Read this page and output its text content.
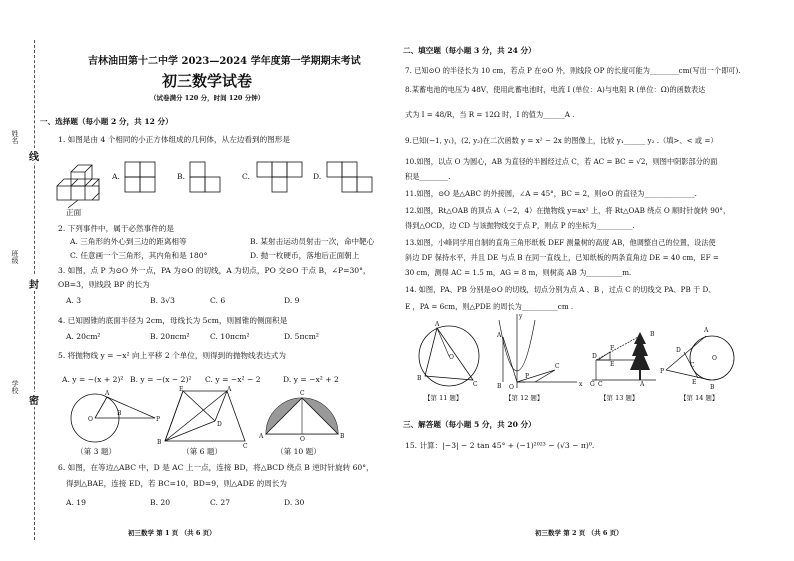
姓名
班级
学校
线
封
密
吉林油田第十二中学 2023—2024 学年度第一学期期末考试
初三数学试卷
（试卷满分 120 分，时间 120 分钟）
一、选择题（每小题 2 分，共 12 分）
1. 如图是由 4 个相同的小正方体组成的几何体，从左边看到的图形是
正面
A.	B.	C.	D.
2. 下列事件中，属于必然事件的是
A. 三角形的外心到三边的距离相等	B. 某射击运动员射击一次，命中靶心
C. 任意画一个三角形，其内角和是 180°	D. 抛一枚硬币，落地后正面朝上
3. 如图，点 P 为⊙O 外一点，PA 为⊙O 的切线，A 为切点，PO 交⊙O 于点 B，∠P=30°，
OB=3，则线段 BP 的长为
A. 3	B. 3√3	C. 6	D. 9
4. 已知圆锥的底面半径为 2cm，母线长为 5cm，则圆锥的侧面积是
A. 20cm²	B. 20πcm²	C. 10πcm²	D. 5πcm²
5. 将抛物线 y = −x² 向上平移 2 个单位，则得到的抛物线表达式为
A. y = −(x + 2)² B. y = −(x − 2)² C. y = −x² − 2	D. y = −x² + 2
O
A
B
P
（第 3 题）
E	A
B
C
D
（第 6 题）
A
C
B
O
（第 10 题）
6. 如图，在等边△ABC 中，D 是 AC 上一点，连接 BD，将△BCD 绕点 B 逆时针旋转 60°，
得到△BAE，连接 ED，若 BC=10，BD=9，则△ADE 的周长为
A. 19	B. 20	C. 27	D. 30
初三数学 第 1 页 （共 6 页）
二、填空题（每小题 3 分，共 24 分）
7. 已知⊙O 的半径长为 10 cm，若点 P 在⊙O 外，则线段 OP 的长度可能为________cm(写出一个即可).
8.某蓄电池的电压为 48V，使用此蓄电池时，电流 I (单位：A)与电阻 R (单位：Ω)的函数表达
式为 I = 48/R，当 R = 12Ω 时，I 的值为______A .
9.已知(−1, y₁)，(2, y₂)在二次函数 y = x² − 2x 的图像上，比较 y₁______ y₂ .（填>、< 或 =）
10.如图，以点 O 为圆心，AB 为直径的半圆经过点 C，若 AC = BC = √2，则图中阴影部分的面
积是________.
11.如图，⊙O 是△ABC 的外接圆，∠A = 45°，BC = 2，则⊙O 的直径为______________.
12.如图，Rt△OAB 的顶点 A（−2，4）在抛物线 y=ax² 上，将 Rt△OAB 绕点 O 顺时针旋转 90°，
得到△OCD，边 CD 与该抛物线交于点 P，则点 P 的坐标为__________.
13.如图，小峰同学用自制的直角三角形纸板 DEF 测量树的高度 AB，他调整自己的位置，设法使
斜边 DF 保持水平，并且 DE 与点 B 在同一直线上，已知纸板的两条直角边 DE = 40 cm，EF =
30 cm，测得 AC = 1.5 m，AG = 8 m，则树高 AB 为__________m.
14. 如图，PA、PB 分别是⊙O 的切线，切点分别为点 A 、B ，过点 C 的切线交 PA、PB 于 D、
E ，PA = 6cm，则△PDE 的周长为__________cm .
A
B
C
O
【第 11 题】
y
x
A
O
B
P
C
【第 12 题】
D
F
E
G C	A
B
【第 13 题】
A
B
C
D
E
O
P
【第 14 题】
三、解答题（每小题 5 分，共 20 分）
15. 计算：|−3| − 2 tan 45° + (−1)²⁰²³ − (√3 − π)⁰.
初三数学 第 2 页 （共 6 页）
